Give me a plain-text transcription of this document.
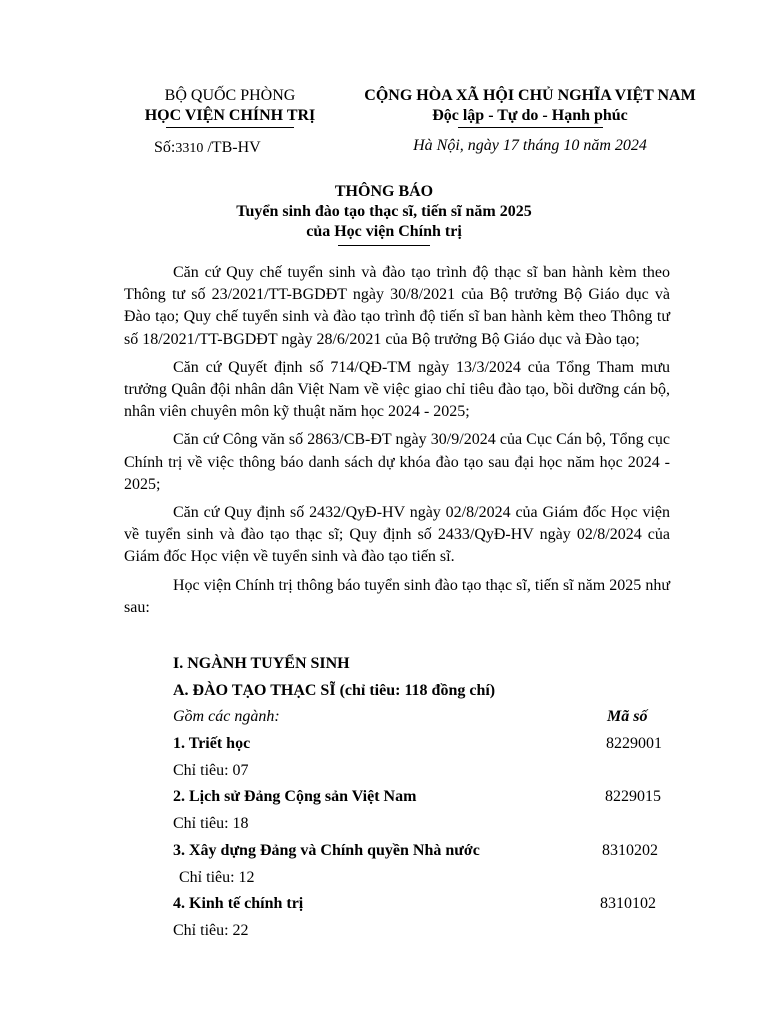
BỘ QUỐC PHÒNG
HỌC VIỆN CHÍNH TRỊ
Số:3310 /TB-HV
CỘNG HÒA XÃ HỘI CHỦ NGHĨA VIỆT NAM
Độc lập - Tự do - Hạnh phúc
Hà Nội, ngày 17 tháng 10 năm 2024
THÔNG BÁO
Tuyển sinh đào tạo thạc sĩ, tiến sĩ năm 2025
của Học viện Chính trị

Căn cứ Quy chế tuyển sinh và đào tạo trình độ thạc sĩ ban hành kèm theo Thông tư số 23/2021/TT-BGDĐT ngày 30/8/2021 của Bộ trưởng Bộ Giáo dục và Đào tạo; Quy chế tuyển sinh và đào tạo trình độ tiến sĩ ban hành kèm theo Thông tư số 18/2021/TT-BGDĐT ngày 28/6/2021 của Bộ trưởng Bộ Giáo dục và Đào tạo;

Căn cứ Quyết định số 714/QĐ-TM ngày 13/3/2024 của Tổng Tham mưu trưởng Quân đội nhân dân Việt Nam về việc giao chỉ tiêu đào tạo, bồi dưỡng cán bộ, nhân viên chuyên môn kỹ thuật năm học 2024 - 2025;

Căn cứ Công văn số 2863/CB-ĐT ngày 30/9/2024 của Cục Cán bộ, Tổng cục Chính trị về việc thông báo danh sách dự khóa đào tạo sau đại học năm học 2024 - 2025;

Căn cứ Quy định số 2432/QyĐ-HV ngày 02/8/2024 của Giám đốc Học viện về tuyển sinh và đào tạo thạc sĩ; Quy định số 2433/QyĐ-HV ngày 02/8/2024 của Giám đốc Học viện về tuyển sinh và đào tạo tiến sĩ.

Học viện Chính trị thông báo tuyển sinh đào tạo thạc sĩ, tiến sĩ năm 2025 như sau:

I. NGÀNH TUYỂN SINH
A. ĐÀO TẠO THẠC SĨ (chỉ tiêu: 118 đồng chí)
Gồm các ngành:	Mã số
1. Triết học	8229001
Chỉ tiêu: 07
2. Lịch sử Đảng Cộng sản Việt Nam	8229015
Chỉ tiêu: 18
3. Xây dựng Đảng và Chính quyền Nhà nước	8310202
Chỉ tiêu: 12
4. Kinh tế chính trị	8310102
Chỉ tiêu: 22
